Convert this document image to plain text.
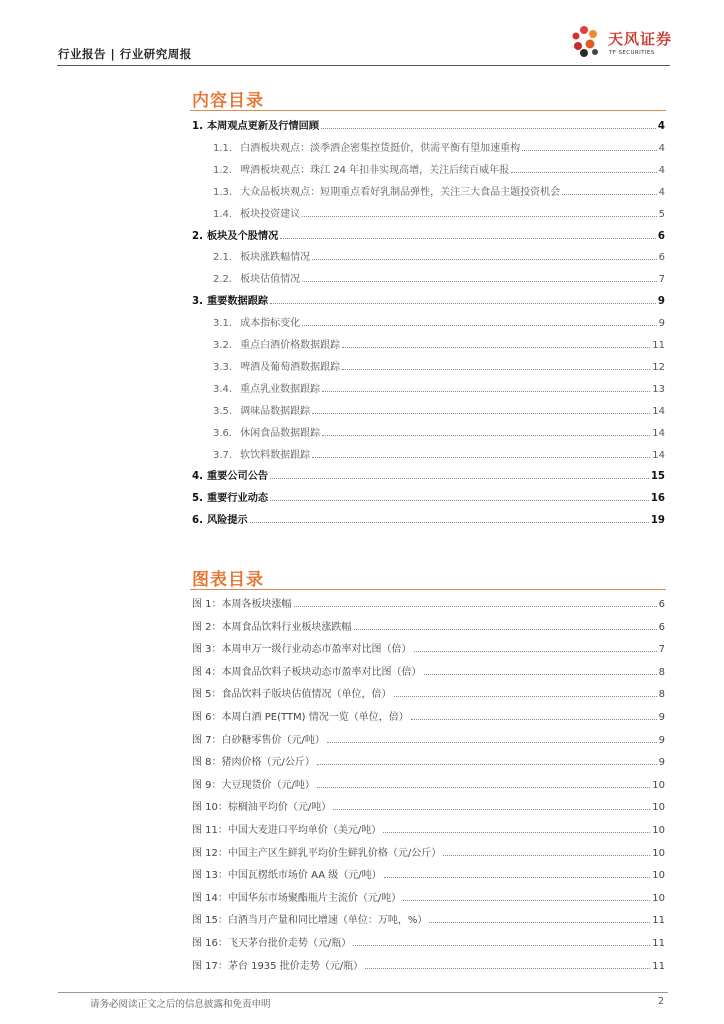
行业报告 | 行业研究周报
天风证券
TF SECURITIES
内容目录
1. 本周观点更新及行情回顾	4
1.1. 白酒板块观点：淡季酒企密集控货挺价，供需平衡有望加速重构	4
1.2. 啤酒板块观点：珠江 24 年扣非实现高增，关注后续百威年报	4
1.3. 大众品板块观点：短期重点看好乳制品弹性，关注三大食品主题投资机会	4
1.4. 板块投资建议	5
2. 板块及个股情况	6
2.1. 板块涨跌幅情况	6
2.2. 板块估值情况	7
3. 重要数据跟踪	9
3.1. 成本指标变化	9
3.2. 重点白酒价格数据跟踪	11
3.3. 啤酒及葡萄酒数据跟踪	12
3.4. 重点乳业数据跟踪	13
3.5. 调味品数据跟踪	14
3.6. 休闲食品数据跟踪	14
3.7. 软饮料数据跟踪	14
4. 重要公司公告	15
5. 重要行业动态	16
6. 风险提示	19
图表目录
图 1：本周各板块涨幅	6
图 2：本周食品饮料行业板块涨跌幅	6
图 3：本周申万一级行业动态市盈率对比图（倍）	7
图 4：本周食品饮料子板块动态市盈率对比图（倍）	8
图 5：食品饮料子版块估值情况（单位，倍）	8
图 6：本周白酒 PE(TTM) 情况一览（单位，倍）	9
图 7：白砂糖零售价（元/吨）	9
图 8：猪肉价格（元/公斤）	9
图 9：大豆现货价（元/吨）	10
图 10：棕榈油平均价（元/吨）	10
图 11：中国大麦进口平均单价（美元/吨）	10
图 12：中国主产区生鲜乳平均价生鲜乳价格（元/公斤）	10
图 13：中国瓦楞纸市场价 AA 级（元/吨）	10
图 14：中国华东市场聚酯瓶片主流价（元/吨）	10
图 15：白酒当月产量和同比增速（单位：万吨，%）	11
图 16：飞天茅台批价走势（元/瓶）	11
图 17：茅台 1935 批价走势（元/瓶）	11
请务必阅读正文之后的信息披露和免责申明	2
